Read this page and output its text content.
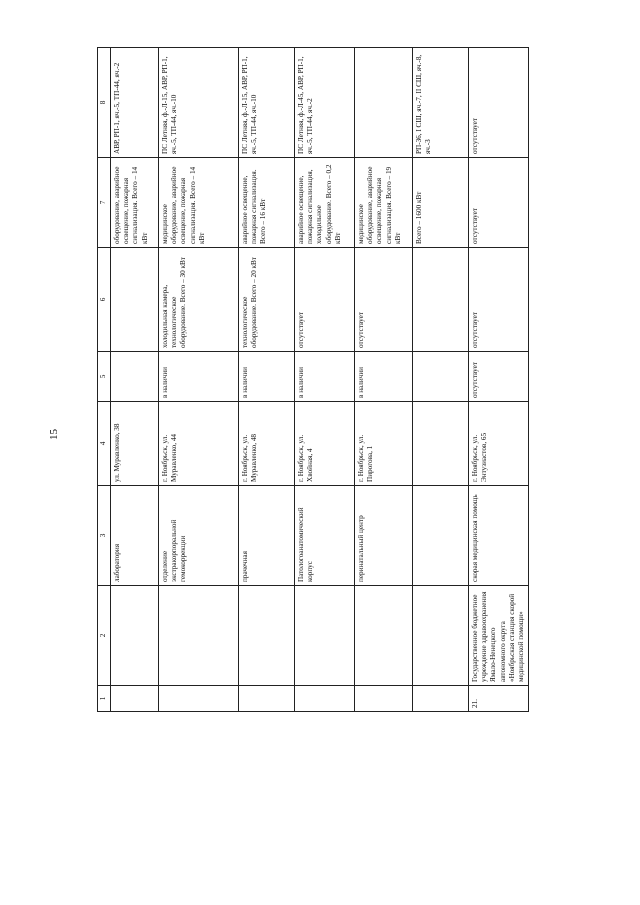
15
1	2	3	4	5	6	7	8
		лаборатория	ул. Муравленко, 38			оборудование, аварийное освещение, пожарная сигнализация. Всего – 14 кВт	АВР, РП-1, яч.-5, ТП-44, яч.-2
		отделение экстракорпоральной гемокоррекции	г. Ноябрьск, ул. Муравленко, 44	в наличии	холодильная камера, технологическое оборудование. Всего – 30 кВт	медицинское оборудование, аварийное освещение, пожарная сигнализация. Всего – 14 кВт	ПС Летняя, ф.-Л-15, АВР, РП-1, яч.-5, ТП-44, яч.-10
		прачечная	г. Ноябрьск, ул. Муравленко, 48	в наличии	технологическое оборудование. Всего – 20 кВт	аварийное освещение, пожарная сигнализация. Всего – 16 кВт	ПС Летняя, ф.-Л-15, АВР, РП-1, яч.-5, ТП-44, яч.-10
		Патологоанатомический корпус	г. Ноябрьск, ул. Хвойная, 4	в наличии	отсутствует	аварийное освещение, пожарная сигнализация, холодильное оборудование. Всего – 0,2 кВт	ПС Летняя, ф.-Л-45, АВР, РП-1, яч.-5, ТП-44, яч.-2
		перинатальный центр	г. Ноябрьск, ул. Пирогова, 1	в наличии	отсутствует	медицинское оборудование, аварийное освещение, пожарная сигнализация. Всего – 19 кВт	
						Всего – 1600 кВт	РП-36, I СШ, яч.-7, II СШ, яч.-8, яч.-3
21.	Государственное бюджетное учреждение здравоохранения Ямало-Ненецкого автономного округа «Ноябрьская станция скорой медицинской помощи»	скорая медицинская помощь	г. Ноябрьск, ул. Энтузиастов, 65	отсутствует	отсутствует	отсутствует	отсутствует
